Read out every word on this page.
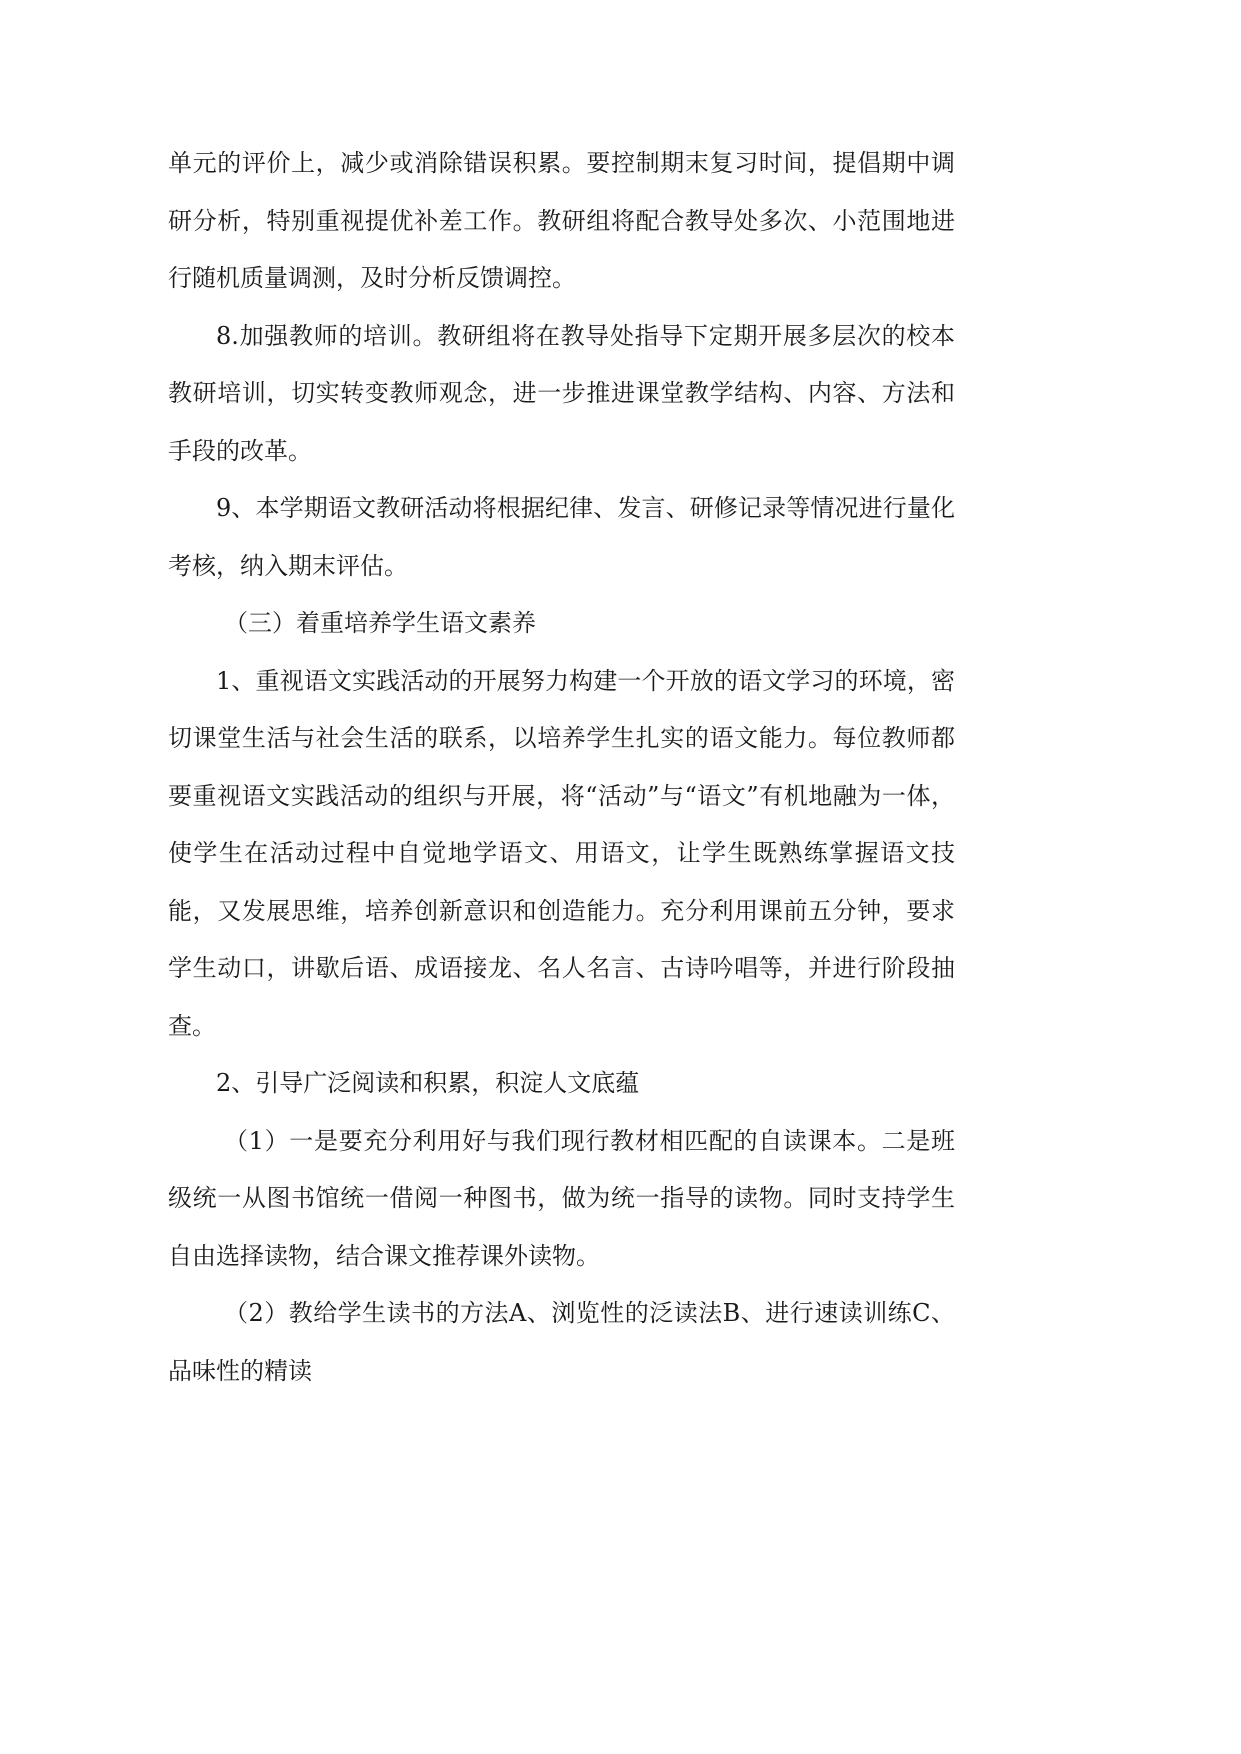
单元的评价上，减少或消除错误积累。要控制期末复习时间，提倡期中调研分析，特别重视提优补差工作。教研组将配合教导处多次、小范围地进行随机质量调测，及时分析反馈调控。

8.加强教师的培训。教研组将在教导处指导下定期开展多层次的校本教研培训，切实转变教师观念，进一步推进课堂教学结构、内容、方法和手段的改革。

9、本学期语文教研活动将根据纪律、发言、研修记录等情况进行量化考核，纳入期末评估。

（三）着重培养学生语文素养

1、重视语文实践活动的开展努力构建一个开放的语文学习的环境，密切课堂生活与社会生活的联系，以培养学生扎实的语文能力。每位教师都要重视语文实践活动的组织与开展，将“活动”与“语文”有机地融为一体，使学生在活动过程中自觉地学语文、用语文，让学生既熟练掌握语文技能，又发展思维，培养创新意识和创造能力。充分利用课前五分钟，要求学生动口，讲歇后语、成语接龙、名人名言、古诗吟唱等，并进行阶段抽查。

2、引导广泛阅读和积累，积淀人文底蕴

（1）一是要充分利用好与我们现行教材相匹配的自读课本。二是班级统一从图书馆统一借阅一种图书，做为统一指导的读物。同时支持学生自由选择读物，结合课文推荐课外读物。

（2）教给学生读书的方法A、浏览性的泛读法B、进行速读训练C、品味性的精读
